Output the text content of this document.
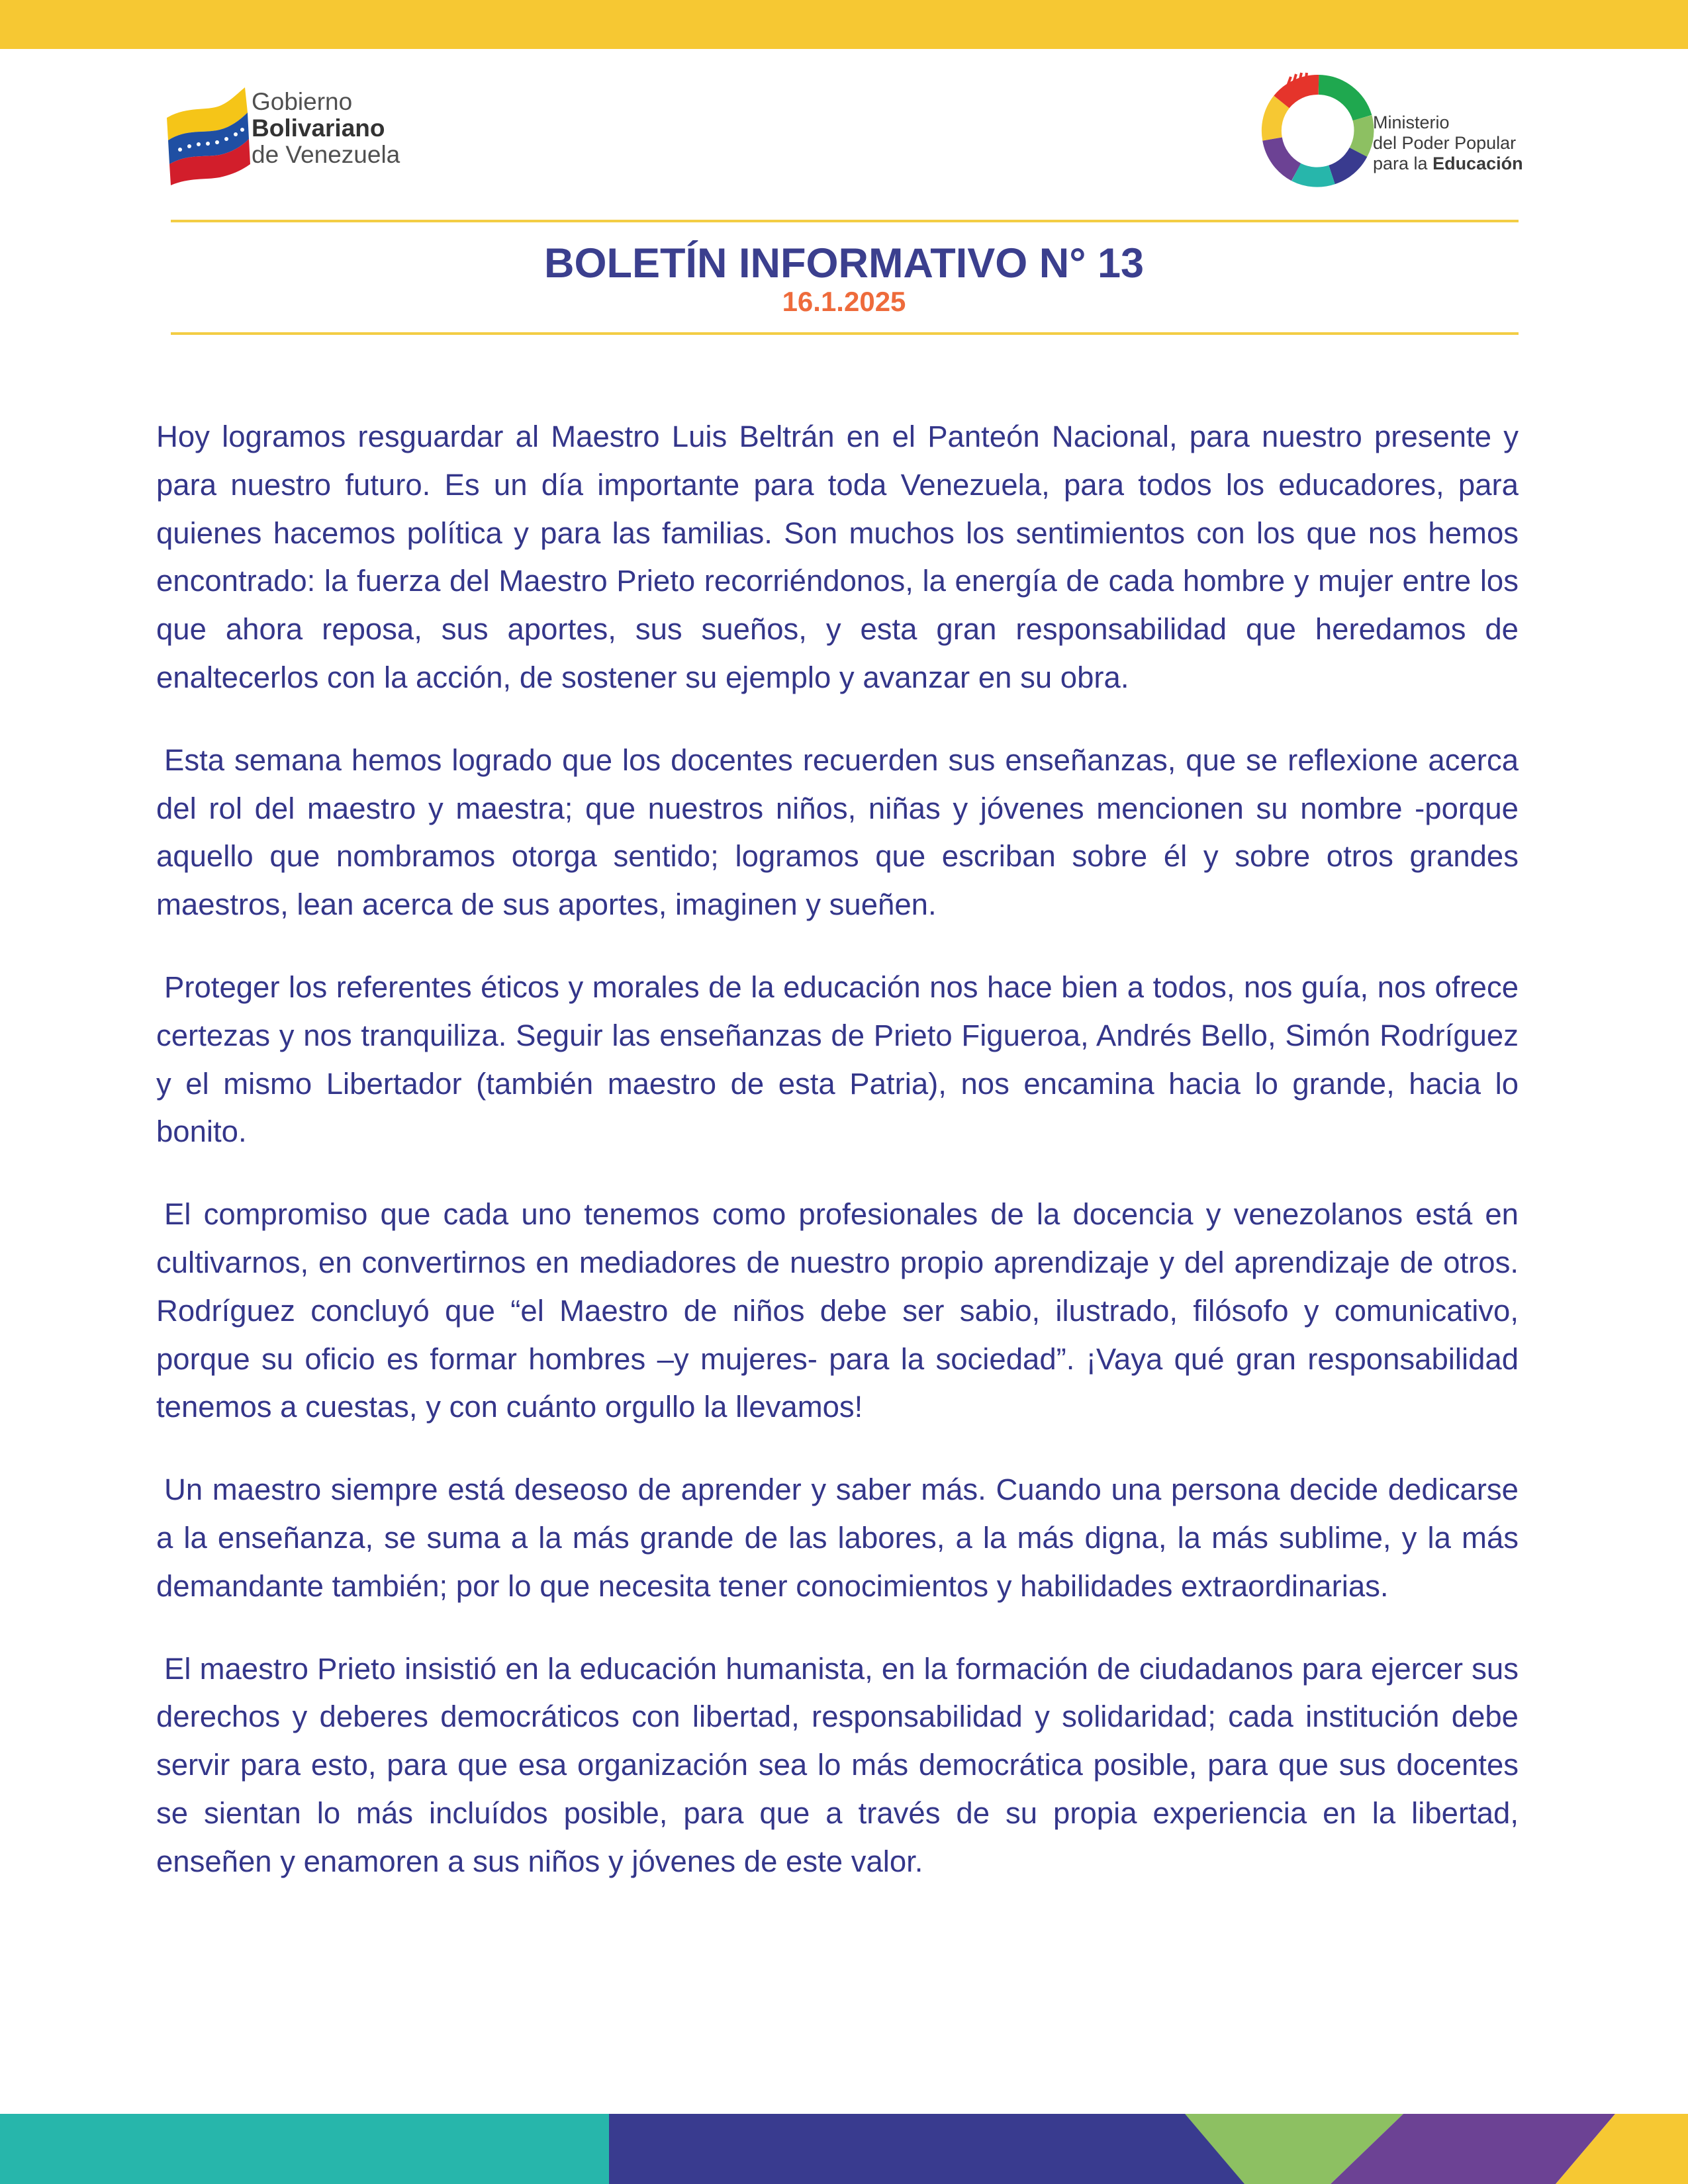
Gobierno
Bolivariano
de Venezuela
Ministerio
del Poder Popular
para la Educación
BOLETÍN INFORMATIVO N° 13
16.1.2025

Hoy logramos resguardar al Maestro Luis Beltrán en el Panteón Nacional, para nuestro presente y para nuestro futuro. Es un día importante para toda Venezuela, para todos los educadores, para quienes hacemos política y para las familias. Son muchos los sentimientos con los que nos hemos encontrado: la fuerza del Maestro Prieto recorriéndonos, la energía de cada hombre y mujer entre los que ahora reposa, sus aportes, sus sueños, y esta gran responsabilidad que heredamos de enaltecerlos con la acción, de sostener su ejemplo y avanzar en su obra.

Esta semana hemos logrado que los docentes recuerden sus enseñanzas, que se reflexione acerca del rol del maestro y maestra; que nuestros niños, niñas y jóvenes mencionen su nombre -porque aquello que nombramos otorga sentido; logramos que escriban sobre él y sobre otros grandes maestros, lean acerca de sus aportes, imaginen y sueñen.

Proteger los referentes éticos y morales de la educación nos hace bien a todos, nos guía, nos ofrece certezas y nos tranquiliza. Seguir las enseñanzas de Prieto Figueroa, Andrés Bello, Simón Rodríguez y el mismo Libertador (también maestro de esta Patria), nos encamina hacia lo grande, hacia lo bonito.

El compromiso que cada uno tenemos como profesionales de la docencia y venezolanos está en cultivarnos, en convertirnos en mediadores de nuestro propio aprendizaje y del aprendizaje de otros. Rodríguez concluyó que “el Maestro de niños debe ser sabio, ilustrado, filósofo y comunicativo, porque su oficio es formar hombres –y mujeres- para la sociedad”. ¡Vaya qué gran responsabilidad tenemos a cuestas, y con cuánto orgullo la llevamos!

Un maestro siempre está deseoso de aprender y saber más. Cuando una persona decide dedicarse a la enseñanza, se suma a la más grande de las labores, a la más digna, la más sublime, y la más demandante también; por lo que necesita tener conocimientos y habilidades extraordinarias.

El maestro Prieto insistió en la educación humanista, en la formación de ciudadanos para ejercer sus derechos y deberes democráticos con libertad, responsabilidad y solidaridad; cada institución debe servir para esto, para que esa organización sea lo más democrática posible, para que sus docentes se sientan lo más incluídos posible, para que a través de su propia experiencia en la libertad, enseñen y enamoren a sus niños y jóvenes de este valor.
